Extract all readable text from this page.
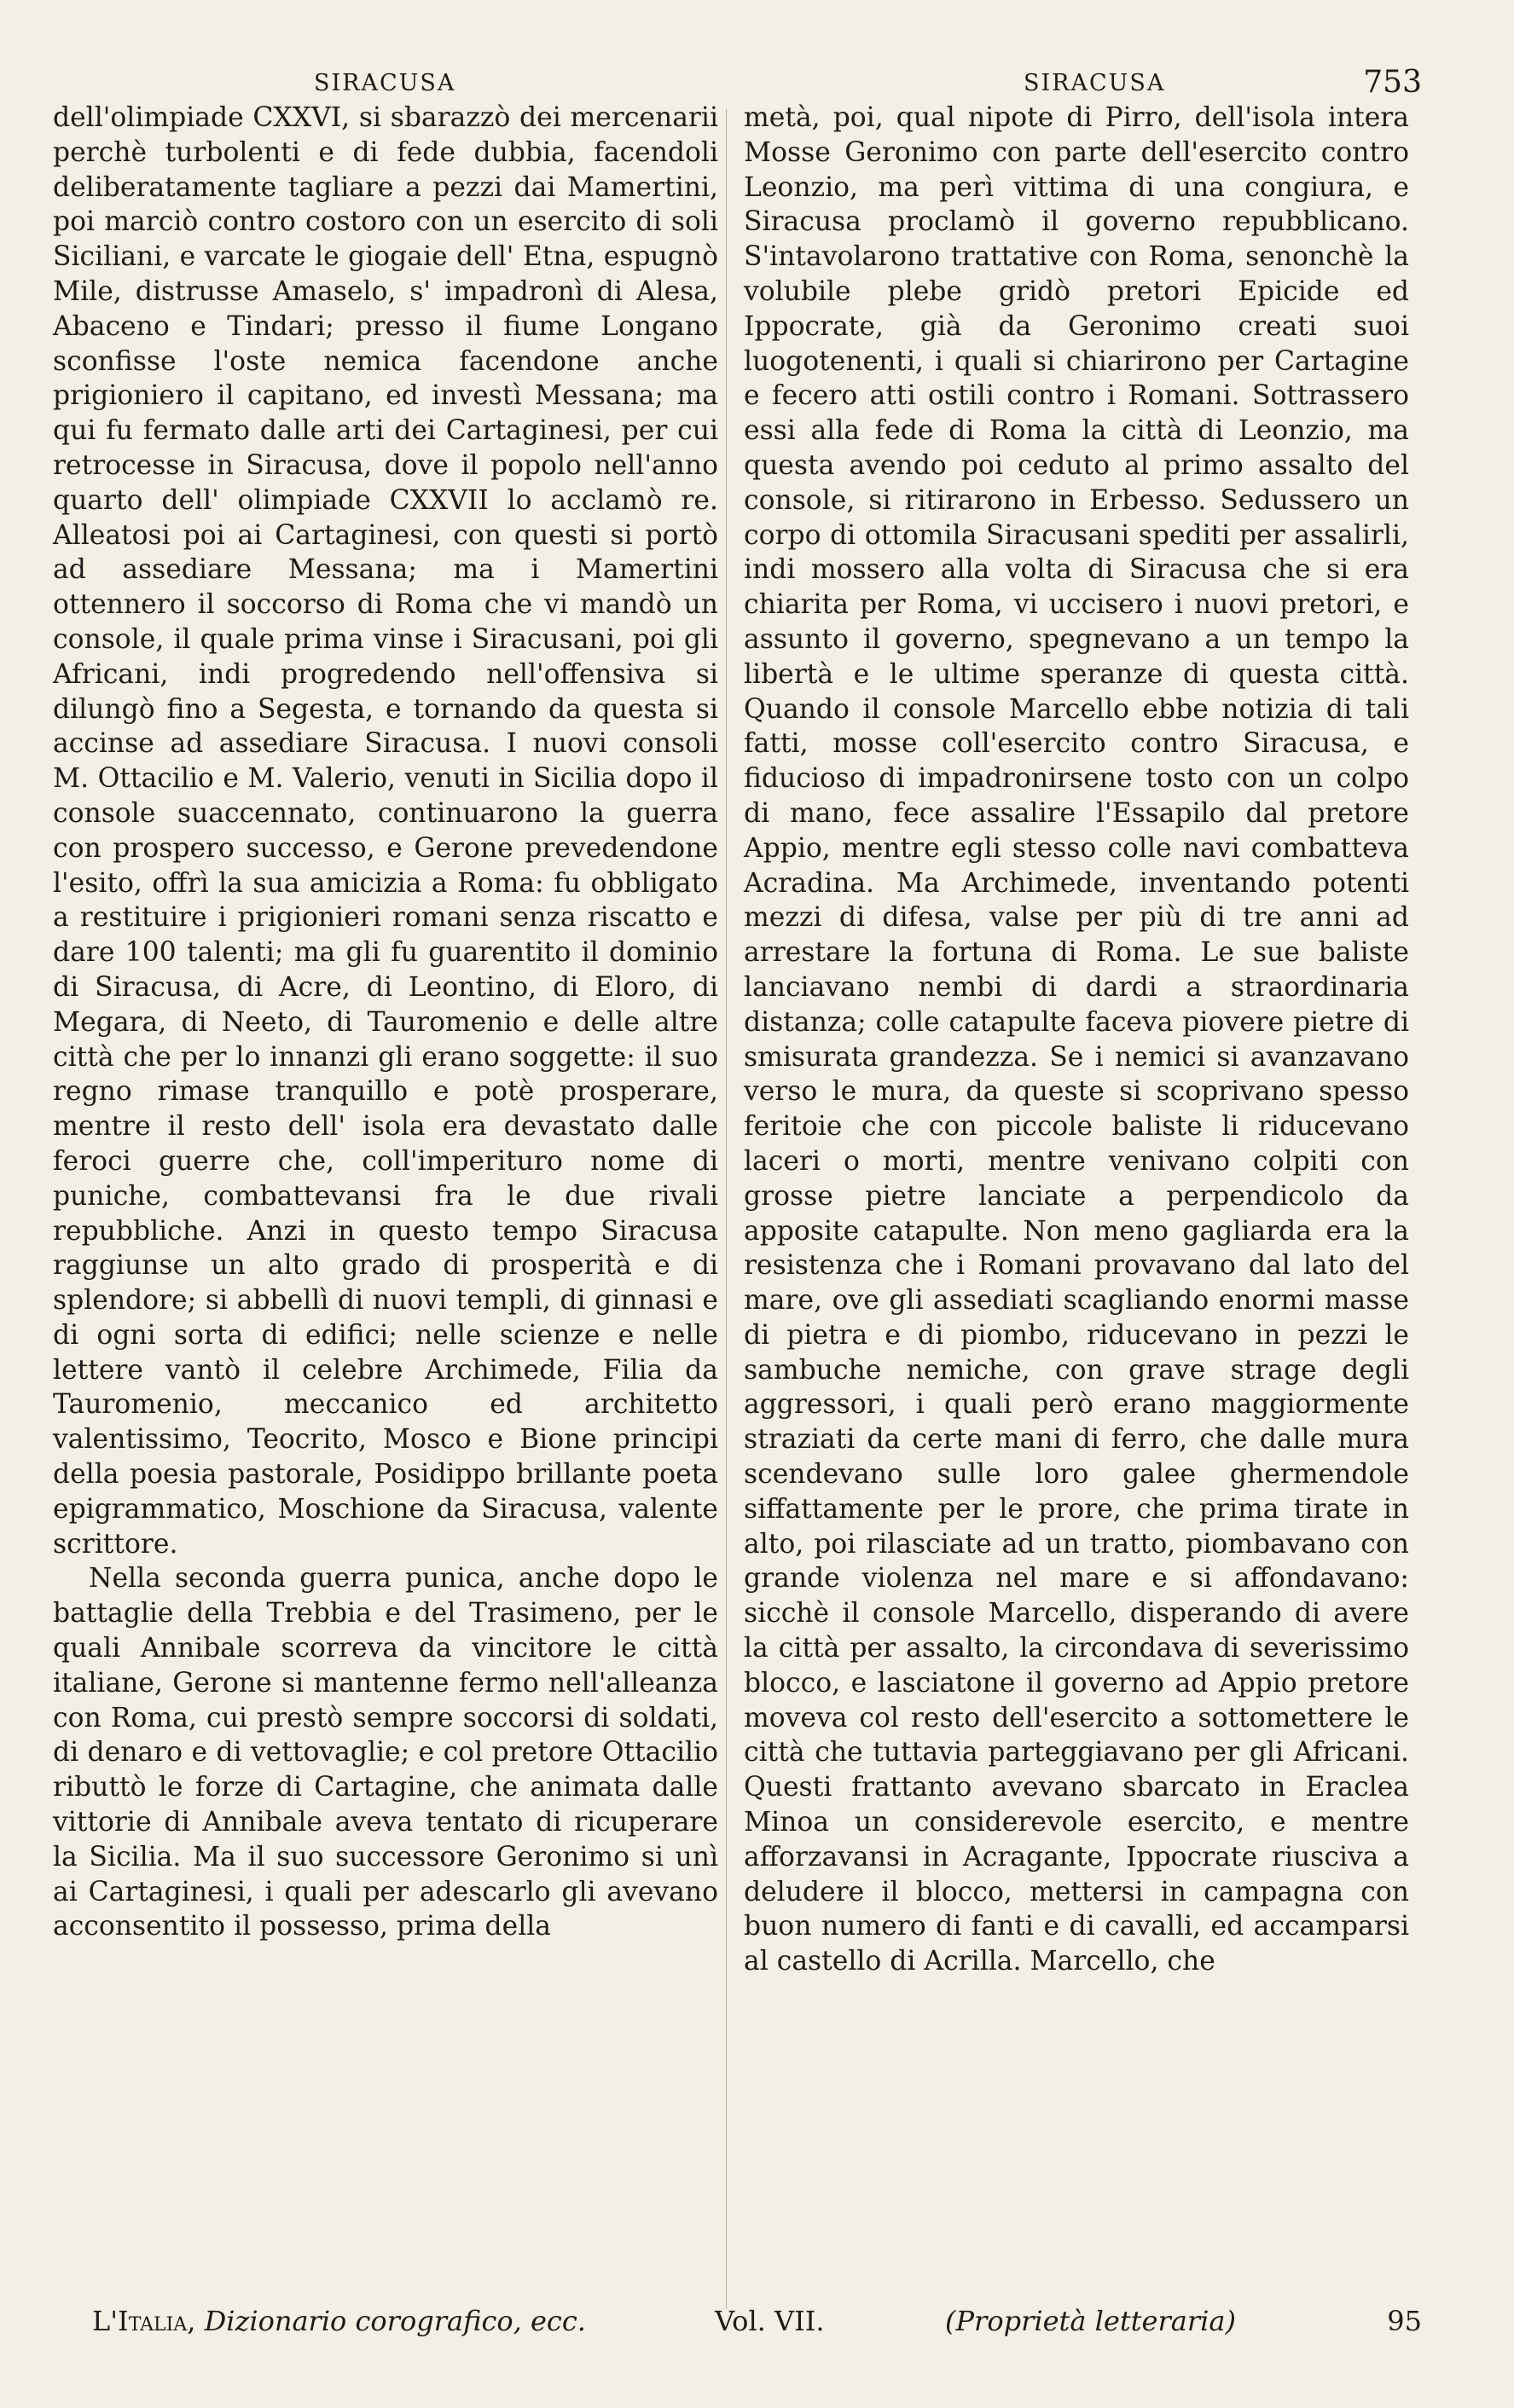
SIRACUSA	SIRACUSA	753

dell'olimpiade CXXVI, si sbarazzò dei mercenarii perchè turbolenti e di fede dubbia, facendoli deliberatamente tagliare a pezzi dai Mamertini, poi marciò contro costoro con un esercito di soli Siciliani, e varcate le giogaie dell' Etna, espugnò Mile, distrusse Amaselo, s' impadronì di Alesa, Abaceno e Tindari; presso il fiume Longano sconfisse l'oste nemica facendone anche prigioniero il capitano, ed investì Messana; ma qui fu fermato dalle arti dei Cartaginesi, per cui retrocesse in Siracusa, dove il popolo nell'anno quarto dell' olimpiade CXXVII lo acclamò re. Alleatosi poi ai Cartaginesi, con questi si portò ad assediare Messana; ma i Mamertini ottennero il soccorso di Roma che vi mandò un console, il quale prima vinse i Siracusani, poi gli Africani, indi progredendo nell'offensiva si dilungò fino a Segesta, e tornando da questa si accinse ad assediare Siracusa. I nuovi consoli M. Ottacilio e M. Valerio, venuti in Sicilia dopo il console suaccennato, continuarono la guerra con prospero successo, e Gerone prevedendone l'esito, offrì la sua amicizia a Roma: fu obbligato a restituire i prigionieri romani senza riscatto e dare 100 talenti; ma gli fu guarentito il dominio di Siracusa, di Acre, di Leontino, di Eloro, di Megara, di Neeto, di Tauromenio e delle altre città che per lo innanzi gli erano soggette: il suo regno rimase tranquillo e potè prosperare, mentre il resto dell' isola era devastato dalle feroci guerre che, coll'imperituro nome di puniche, combattevansi fra le due rivali repubbliche. Anzi in questo tempo Siracusa raggiunse un alto grado di prosperità e di splendore; si abbellì di nuovi templi, di ginnasi e di ogni sorta di edifici; nelle scienze e nelle lettere vantò il celebre Archimede, Filia da Tauromenio, meccanico ed architetto valentissimo, Teocrito, Mosco e Bione principi della poesia pastorale, Posidippo brillante poeta epigrammatico, Moschione da Siracusa, valente scrittore.

Nella seconda guerra punica, anche dopo le battaglie della Trebbia e del Trasimeno, per le quali Annibale scorreva da vincitore le città italiane, Gerone si mantenne fermo nell'alleanza con Roma, cui prestò sempre soccorsi di soldati, di denaro e di vettovaglie; e col pretore Ottacilio ributtò le forze di Cartagine, che animata dalle vittorie di Annibale aveva tentato di ricuperare la Sicilia. Ma il suo successore Geronimo si unì ai Cartaginesi, i quali per adescarlo gli avevano acconsentito il possesso, prima della

metà, poi, qual nipote di Pirro, dell'isola intera Mosse Geronimo con parte dell'esercito contro Leonzio, ma perì vittima di una congiura, e Siracusa proclamò il governo repubblicano. S'intavolarono trattative con Roma, senonchè la volubile plebe gridò pretori Epicide ed Ippocrate, già da Geronimo creati suoi luogotenenti, i quali si chiarirono per Cartagine e fecero atti ostili contro i Romani. Sottrassero essi alla fede di Roma la città di Leonzio, ma questa avendo poi ceduto al primo assalto del console, si ritirarono in Erbesso. Sedussero un corpo di ottomila Siracusani spediti per assalirli, indi mossero alla volta di Siracusa che si era chiarita per Roma, vi uccisero i nuovi pretori, e assunto il governo, spegnevano a un tempo la libertà e le ultime speranze di questa città. Quando il console Marcello ebbe notizia di tali fatti, mosse coll'esercito contro Siracusa, e fiducioso di impadronirsene tosto con un colpo di mano, fece assalire l'Essapilo dal pretore Appio, mentre egli stesso colle navi combatteva Acradina. Ma Archimede, inventando potenti mezzi di difesa, valse per più di tre anni ad arrestare la fortuna di Roma. Le sue baliste lanciavano nembi di dardi a straordinaria distanza; colle catapulte faceva piovere pietre di smisurata grandezza. Se i nemici si avanzavano verso le mura, da queste si scoprivano spesso feritoie che con piccole baliste li riducevano laceri o morti, mentre venivano colpiti con grosse pietre lanciate a perpendicolo da apposite catapulte. Non meno gagliarda era la resistenza che i Romani provavano dal lato del mare, ove gli assediati scagliando enormi masse di pietra e di piombo, riducevano in pezzi le sambuche nemiche, con grave strage degli aggressori, i quali però erano maggiormente straziati da certe mani di ferro, che dalle mura scendevano sulle loro galee ghermendole siffattamente per le prore, che prima tirate in alto, poi rilasciate ad un tratto, piombavano con grande violenza nel mare e si affondavano: sicchè il console Marcello, disperando di avere la città per assalto, la circondava di severissimo blocco, e lasciatone il governo ad Appio pretore moveva col resto dell'esercito a sottomettere le città che tuttavia parteggiavano per gli Africani. Questi frattanto avevano sbarcato in Eraclea Minoa un considerevole esercito, e mentre afforzavansi in Acragante, Ippocrate riusciva a deludere il blocco, mettersi in campagna con buon numero di fanti e di cavalli, ed accamparsi al castello di Acrilla. Marcello, che

L'Italia, Dizionario corografico, ecc.	Vol. VII.	(Proprietà letteraria)	95
